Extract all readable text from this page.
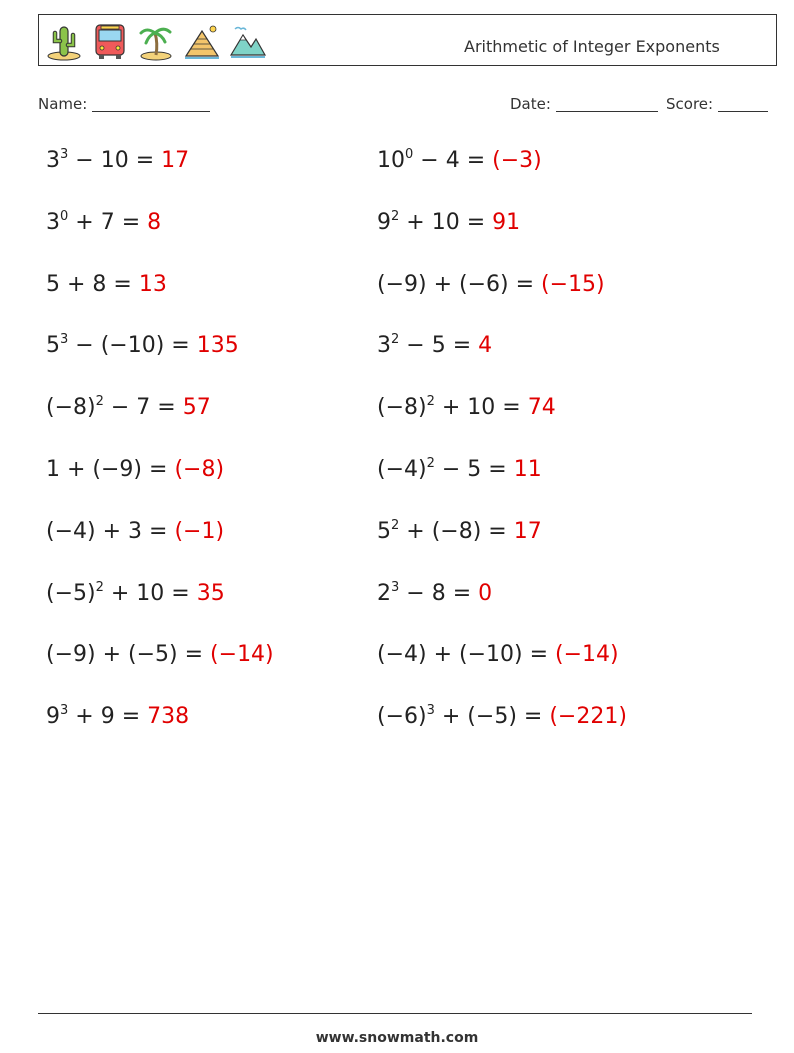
Arithmetic of Integer Exponents
Name:	Date:	Score:
$3^3 - 10 = 17$
$3^0 + 7 = 8$
5 + 8 = 13
$5^3 - (-10) = 135$
$(-8)^2 - 7 = 57$
1 + (−9) = (−8)
(−4) + 3 = (−1)
$(-5)^2 + 10 = 35$
(−9) + (−5) = (−14)
$9^3 + 9 = 738$
$10^0 - 4 = (-3)$
$9^2 + 10 = 91$
(−9) + (−6) = (−15)
$3^2 - 5 = 4$
$(-8)^2 + 10 = 74$
$(-4)^2 - 5 = 11$
$5^2 + (-8) = 17$
$2^3 - 8 = 0$
(−4) + (−10) = (−14)
$(-6)^3 + (-5) = (-221)$
www.snowmath.com
